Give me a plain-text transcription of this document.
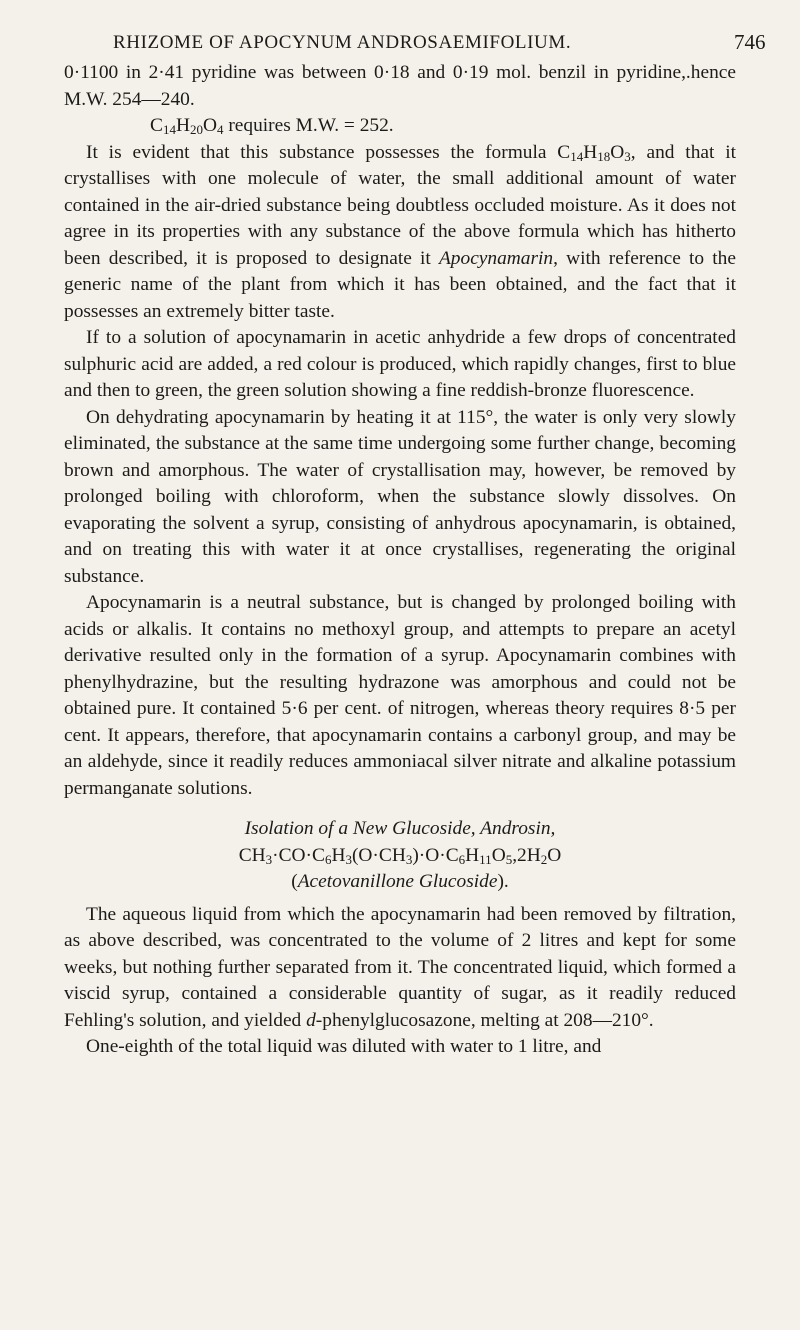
RHIZOME OF APOCYNUM ANDROSAEMIFOLIUM.	746

0·1100 in 2·41 pyridine was between 0·18 and 0·19 mol. benzil in pyridine,.hence M.W. 254—240.

$C_{14}H_{20}O_4$ requires M.W. = 252.

It is evident that this substance possesses the formula $C_{14}H_{18}O_3$, and that it crystallises with one molecule of water, the small additional amount of water contained in the air-dried substance being doubtless occluded moisture. As it does not agree in its properties with any substance of the above formula which has hitherto been described, it is proposed to designate it Apocynamarin, with reference to the generic name of the plant from which it has been obtained, and the fact that it possesses an extremely bitter taste.

If to a solution of apocynamarin in acetic anhydride a few drops of concentrated sulphuric acid are added, a red colour is produced, which rapidly changes, first to blue and then to green, the green solution showing a fine reddish-bronze fluorescence.

On dehydrating apocynamarin by heating it at 115°, the water is only very slowly eliminated, the substance at the same time undergoing some further change, becoming brown and amorphous. The water of crystallisation may, however, be removed by prolonged boiling with chloroform, when the substance slowly dissolves. On evaporating the solvent a syrup, consisting of anhydrous apocynamarin, is obtained, and on treating this with water it at once crystallises, regenerating the original substance.

Apocynamarin is a neutral substance, but is changed by prolonged boiling with acids or alkalis. It contains no methoxyl group, and attempts to prepare an acetyl derivative resulted only in the formation of a syrup. Apocynamarin combines with phenylhydrazine, but the resulting hydrazone was amorphous and could not be obtained pure. It contained 5·6 per cent. of nitrogen, whereas theory requires 8·5 per cent. It appears, therefore, that apocynamarin contains a carbonyl group, and may be an aldehyde, since it readily reduces ammoniacal silver nitrate and alkaline potassium permanganate solutions.

Isolation of a New Glucoside, Androsin,

$CH_3\cdot CO\cdot C_6H_3(O\cdot CH_3)\cdot O\cdot C_6H_{11}O_5,2H_2O$

(Acetovanillone Glucoside).

The aqueous liquid from which the apocynamarin had been removed by filtration, as above described, was concentrated to the volume of 2 litres and kept for some weeks, but nothing further separated from it. The concentrated liquid, which formed a viscid syrup, contained a considerable quantity of sugar, as it readily reduced Fehling's solution, and yielded d-phenylglucosazone, melting at 208—210°.

One-eighth of the total liquid was diluted with water to 1 litre, and
